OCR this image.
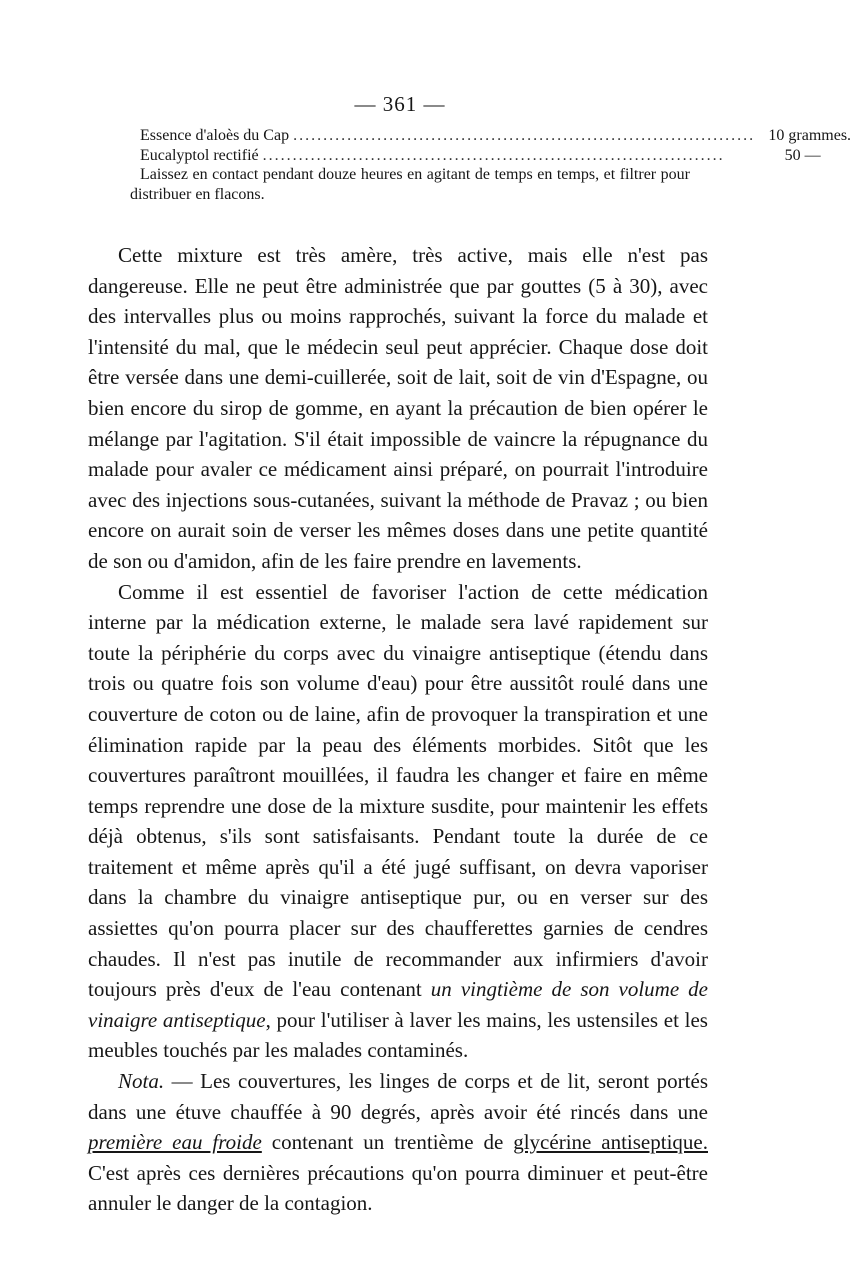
— 361 —
Essence d'aloès du Cap ............................................................................. 10 grammes.
Eucalyptol rectifié .............................................................................	50 —
Laissez en contact pendant douze heures en agitant de temps en temps, et filtrer pour distribuer en flacons.

Cette mixture est très amère, très active, mais elle n'est pas dangereuse. Elle ne peut être administrée que par gouttes (5 à 30), avec des intervalles plus ou moins rapprochés, suivant la force du malade et l'intensité du mal, que le médecin seul peut apprécier. Chaque dose doit être versée dans une demi-cuillerée, soit de lait, soit de vin d'Espagne, ou bien encore du sirop de gomme, en ayant la précaution de bien opérer le mélange par l'agitation. S'il était impossible de vaincre la répugnance du malade pour avaler ce médicament ainsi préparé, on pourrait l'introduire avec des injections sous-cutanées, suivant la méthode de Pravaz ; ou bien encore on aurait soin de verser les mêmes doses dans une petite quantité de son ou d'amidon, afin de les faire prendre en lavements.

Comme il est essentiel de favoriser l'action de cette médication interne par la médication externe, le malade sera lavé rapidement sur toute la périphérie du corps avec du vinaigre antiseptique (étendu dans trois ou quatre fois son volume d'eau) pour être aussitôt roulé dans une couverture de coton ou de laine, afin de provoquer la transpiration et une élimination rapide par la peau des éléments morbides. Sitôt que les couvertures paraîtront mouillées, il faudra les changer et faire en même temps reprendre une dose de la mixture susdite, pour maintenir les effets déjà obtenus, s'ils sont satisfaisants. Pendant toute la durée de ce traitement et même après qu'il a été jugé suffisant, on devra vaporiser dans la chambre du vinaigre antiseptique pur, ou en verser sur des assiettes qu'on pourra placer sur des chaufferettes garnies de cendres chaudes. Il n'est pas inutile de recommander aux infirmiers d'avoir toujours près d'eux de l'eau contenant un vingtième de son volume de vinaigre antiseptique, pour l'utiliser à laver les mains, les ustensiles et les meubles touchés par les malades contaminés.

Nota. — Les couvertures, les linges de corps et de lit, seront portés dans une étuve chauffée à 90 degrés, après avoir été rincés dans une première eau froide contenant un trentième de glycérine antiseptique. C'est après ces dernières précautions qu'on pourra diminuer et peut-être annuler le danger de la contagion.
